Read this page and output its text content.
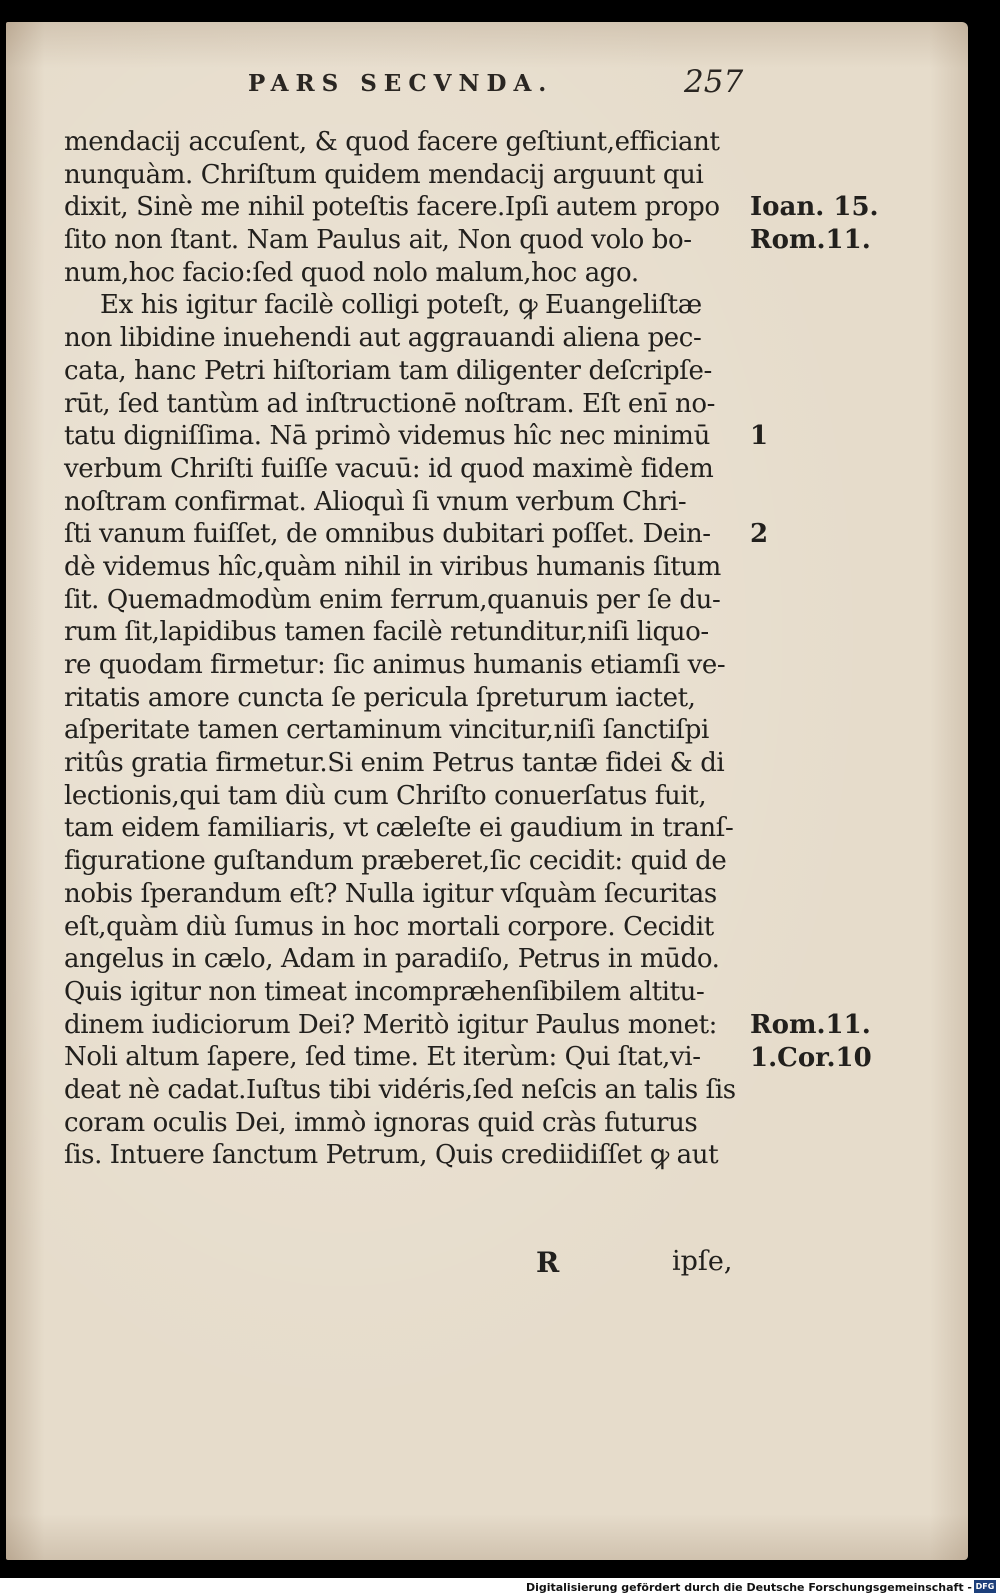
PARS SECVNDA.	257
mendacij accuſent, & quod facere geſtiunt,efficiant
nunquàm. Chriſtum quidem mendacij arguunt qui
dixit, Sinè me nihil poteſtis facere.Ipſi autem propo
ſito non ſtant. Nam Paulus ait, Non quod volo bo-
num,hoc facio:ſed quod nolo malum,hoc ago.
Ex his igitur facilè colligi poteſt, ꝙ Euangeliſtæ
non libidine inuehendi aut aggrauandi aliena pec-
cata, hanc Petri hiſtoriam tam diligenter deſcripſe-
rūt, ſed tantùm ad inſtructionē noſtram. Eſt enī no-
tatu digniſſima. Nā primò videmus hîc nec minimū
verbum Chriſti fuiſſe vacuū: id quod maximè fidem
noſtram confirmat. Alioquì ſi vnum verbum Chri-
ſti vanum fuiſſet, de omnibus dubitari poſſet. Dein-
dè videmus hîc,quàm nihil in viribus humanis ſitum
ſit. Quemadmodùm enim ferrum,quanuis per ſe du-
rum ſit,lapidibus tamen facilè retunditur,niſi liquo-
re quodam firmetur: ſic animus humanis etiamſi ve-
ritatis amore cuncta ſe pericula ſpreturum iactet,
aſperitate tamen certaminum vincitur,niſi ſanctiſpi
ritûs gratia firmetur.Si enim Petrus tantæ fidei & di
lectionis,qui tam diù cum Chriſto conuerſatus fuit,
tam eidem familiaris, vt cæleſte ei gaudium in tranſ-
figuratione guſtandum præberet,ſic cecidit: quid de
nobis ſperandum eſt? Nulla igitur vſquàm ſecuritas
eſt,quàm diù ſumus in hoc mortali corpore. Cecidit
angelus in cælo, Adam in paradiſo, Petrus in mūdo.
Quis igitur non timeat incompræhenſibilem altitu-
dinem iudiciorum Dei? Meritò igitur Paulus monet:
Noli altum ſapere, ſed time. Et iterùm: Qui ſtat,vi-
deat nè cadat.Iuſtus tibi vidéris,ſed neſcis an talis ſis
coram oculis Dei, immò ignoras quid cràs futurus
ſis. Intuere ſanctum Petrum, Quis crediidiſſet ꝙ aut
Ioan. 15.
Rom.11.
1
2
Rom.11.
1.Cor.10
R	ipſe,
Digitalisierung gefördert durch die Deutsche Forschungsgemeinschaft - DFG
